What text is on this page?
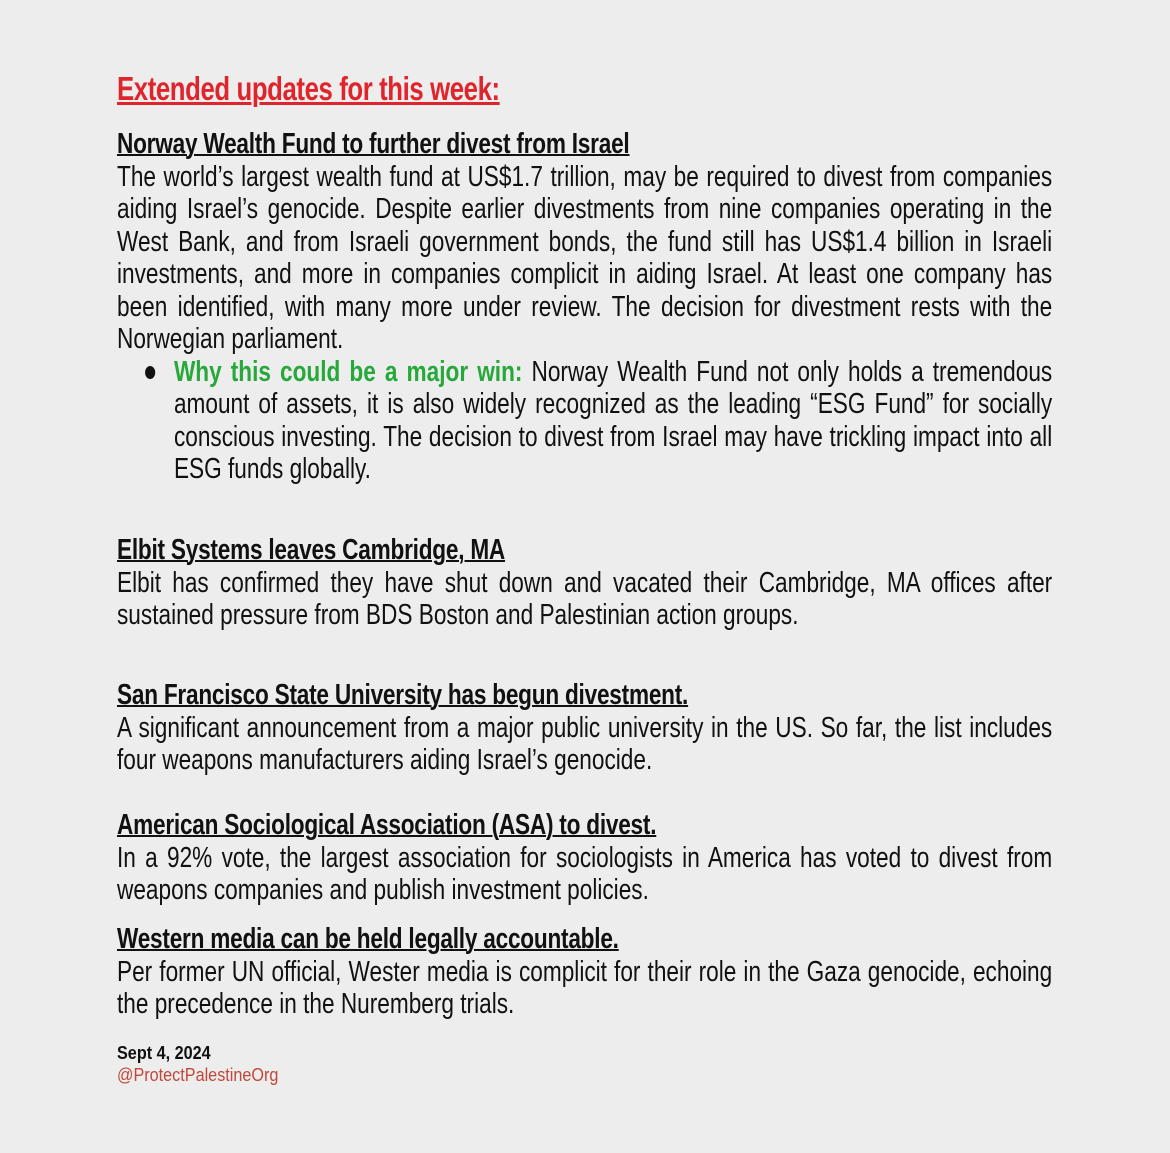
Extended updates for this week:
Norway Wealth Fund to further divest from Israel
The world’s largest wealth fund at US$1.7 trillion, may be required to divest from companies aiding Israel’s genocide. Despite earlier divestments from nine companies operating in the West Bank, and from Israeli government bonds, the fund still has US$1.4 billion in Israeli investments, and more in companies complicit in aiding Israel. At least one company has been identified, with many more under review. The decision for divestment rests with the Norwegian parliament.
Why this could be a major win: Norway Wealth Fund not only holds a tremendous amount of assets, it is also widely recognized as the leading “ESG Fund” for socially conscious investing. The decision to divest from Israel may have trickling impact into all ESG funds globally.
Elbit Systems leaves Cambridge, MA
Elbit has confirmed they have shut down and vacated their Cambridge, MA offices after sustained pressure from BDS Boston and Palestinian action groups.
San Francisco State University has begun divestment.
A significant announcement from a major public university in the US. So far, the list includes four weapons manufacturers aiding Israel’s genocide.
American Sociological Association (ASA) to divest.
In a 92% vote, the largest association for sociologists in America has voted to divest from weapons companies and publish investment policies.
Western media can be held legally accountable.
Per former UN official, Wester media is complicit for their role in the Gaza genocide, echoing the precedence in the Nuremberg trials.
Sept 4, 2024
@ProtectPalestineOrg
